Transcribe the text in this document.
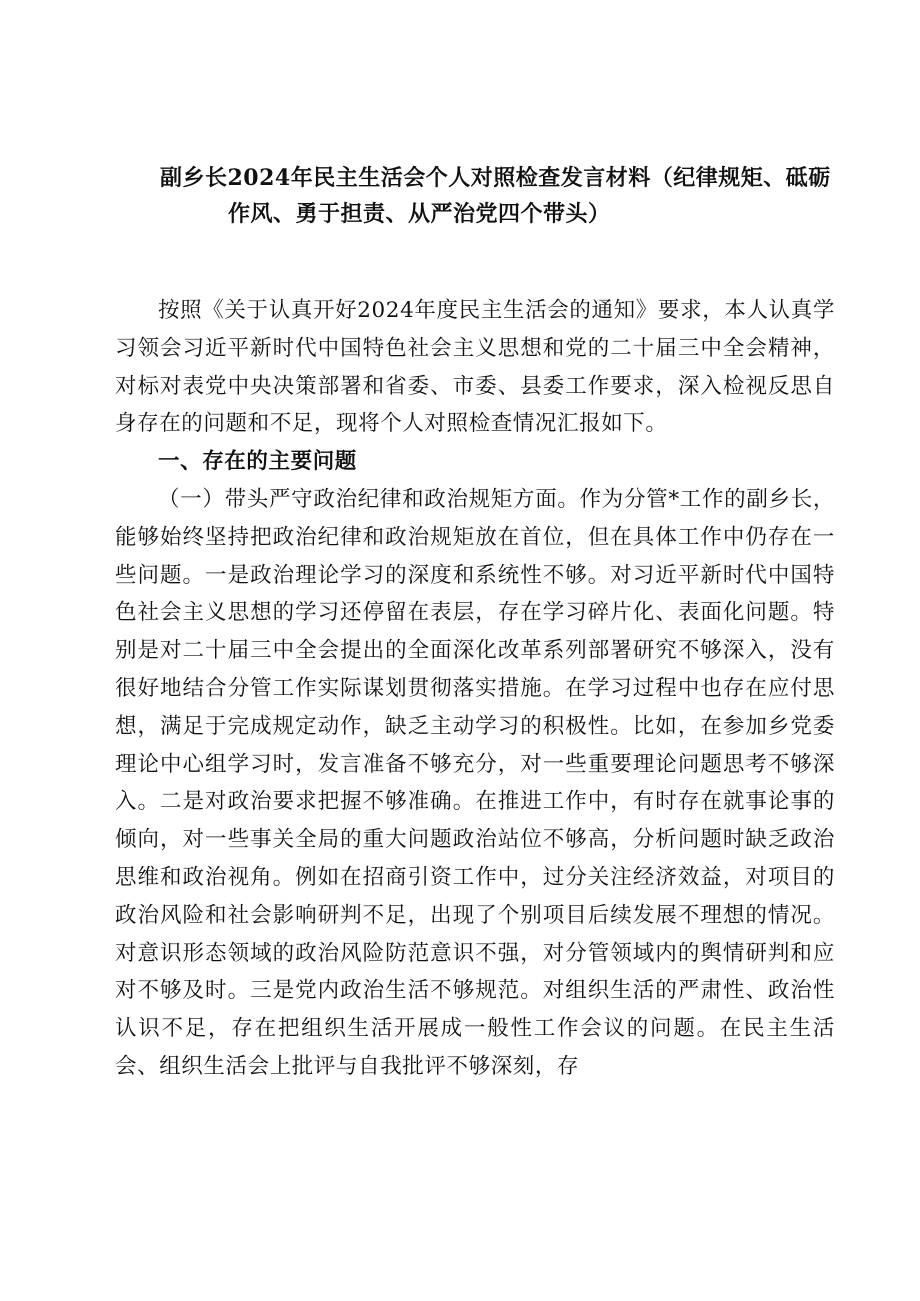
副乡长2024年民主生活会个人对照检查发言材料（纪律规矩、砥砺
作风、勇于担责、从严治党四个带头）

按照《关于认真开好2024年度民主生活会的通知》要求，本人认真学习领会习近平新时代中国特色社会主义思想和党的二十届三中全会精神，对标对表党中央决策部署和省委、市委、县委工作要求，深入检视反思自身存在的问题和不足，现将个人对照检查情况汇报如下。

一、存在的主要问题

（一）带头严守政治纪律和政治规矩方面。作为分管*工作的副乡长，能够始终坚持把政治纪律和政治规矩放在首位，但在具体工作中仍存在一些问题。一是政治理论学习的深度和系统性不够。对习近平新时代中国特色社会主义思想的学习还停留在表层，存在学习碎片化、表面化问题。特别是对二十届三中全会提出的全面深化改革系列部署研究不够深入，没有很好地结合分管工作实际谋划贯彻落实措施。在学习过程中也存在应付思想，满足于完成规定动作，缺乏主动学习的积极性。比如，在参加乡党委理论中心组学习时，发言准备不够充分，对一些重要理论问题思考不够深入。二是对政治要求把握不够准确。在推进工作中，有时存在就事论事的倾向，对一些事关全局的重大问题政治站位不够高，分析问题时缺乏政治思维和政治视角。例如在招商引资工作中，过分关注经济效益，对项目的政治风险和社会影响研判不足，出现了个别项目后续发展不理想的情况。对意识形态领域的政治风险防范意识不强，对分管领域内的舆情研判和应对不够及时。三是党内政治生活不够规范。对组织生活的严肃性、政治性认识不足，存在把组织生活开展成一般性工作会议的问题。在民主生活会、组织生活会上批评与自我批评不够深刻，存
